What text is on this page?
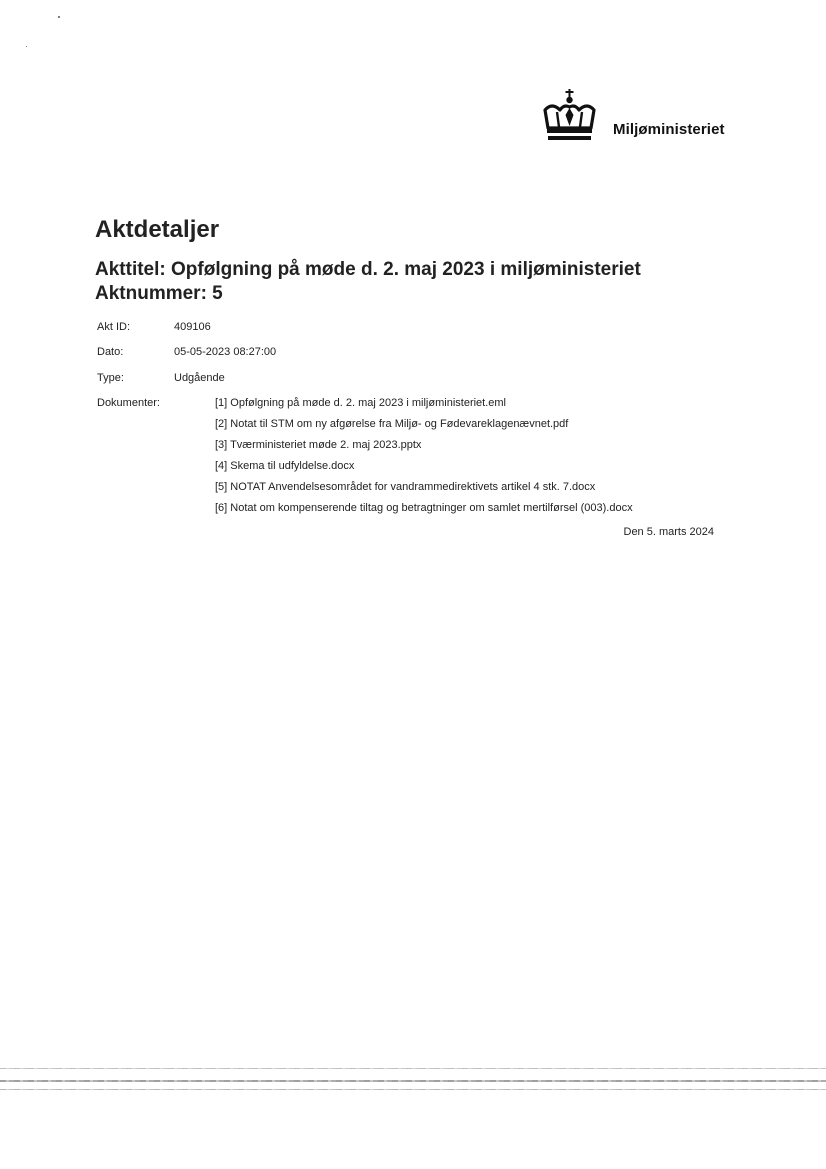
Miljøministeriet
Aktdetaljer
Akttitel: Opfølgning på møde d. 2. maj 2023 i miljøministeriet
Aktnummer: 5
Akt ID:	409106
Dato:	05-05-2023 08:27:00
Type:	Udgående
Dokumenter:	[1] Opfølgning på møde d. 2. maj 2023 i miljøministeriet.eml
[2] Notat til STM om ny afgørelse fra Miljø- og Fødevareklagenævnet.pdf
[3] Tværministeriet møde 2. maj 2023.pptx
[4] Skema til udfyldelse.docx
[5] NOTAT Anvendelsesområdet for vandrammedirektivets artikel 4 stk. 7.docx
[6] Notat om kompenserende tiltag og betragtninger om samlet mertilførsel (003).docx
Den 5. marts 2024
